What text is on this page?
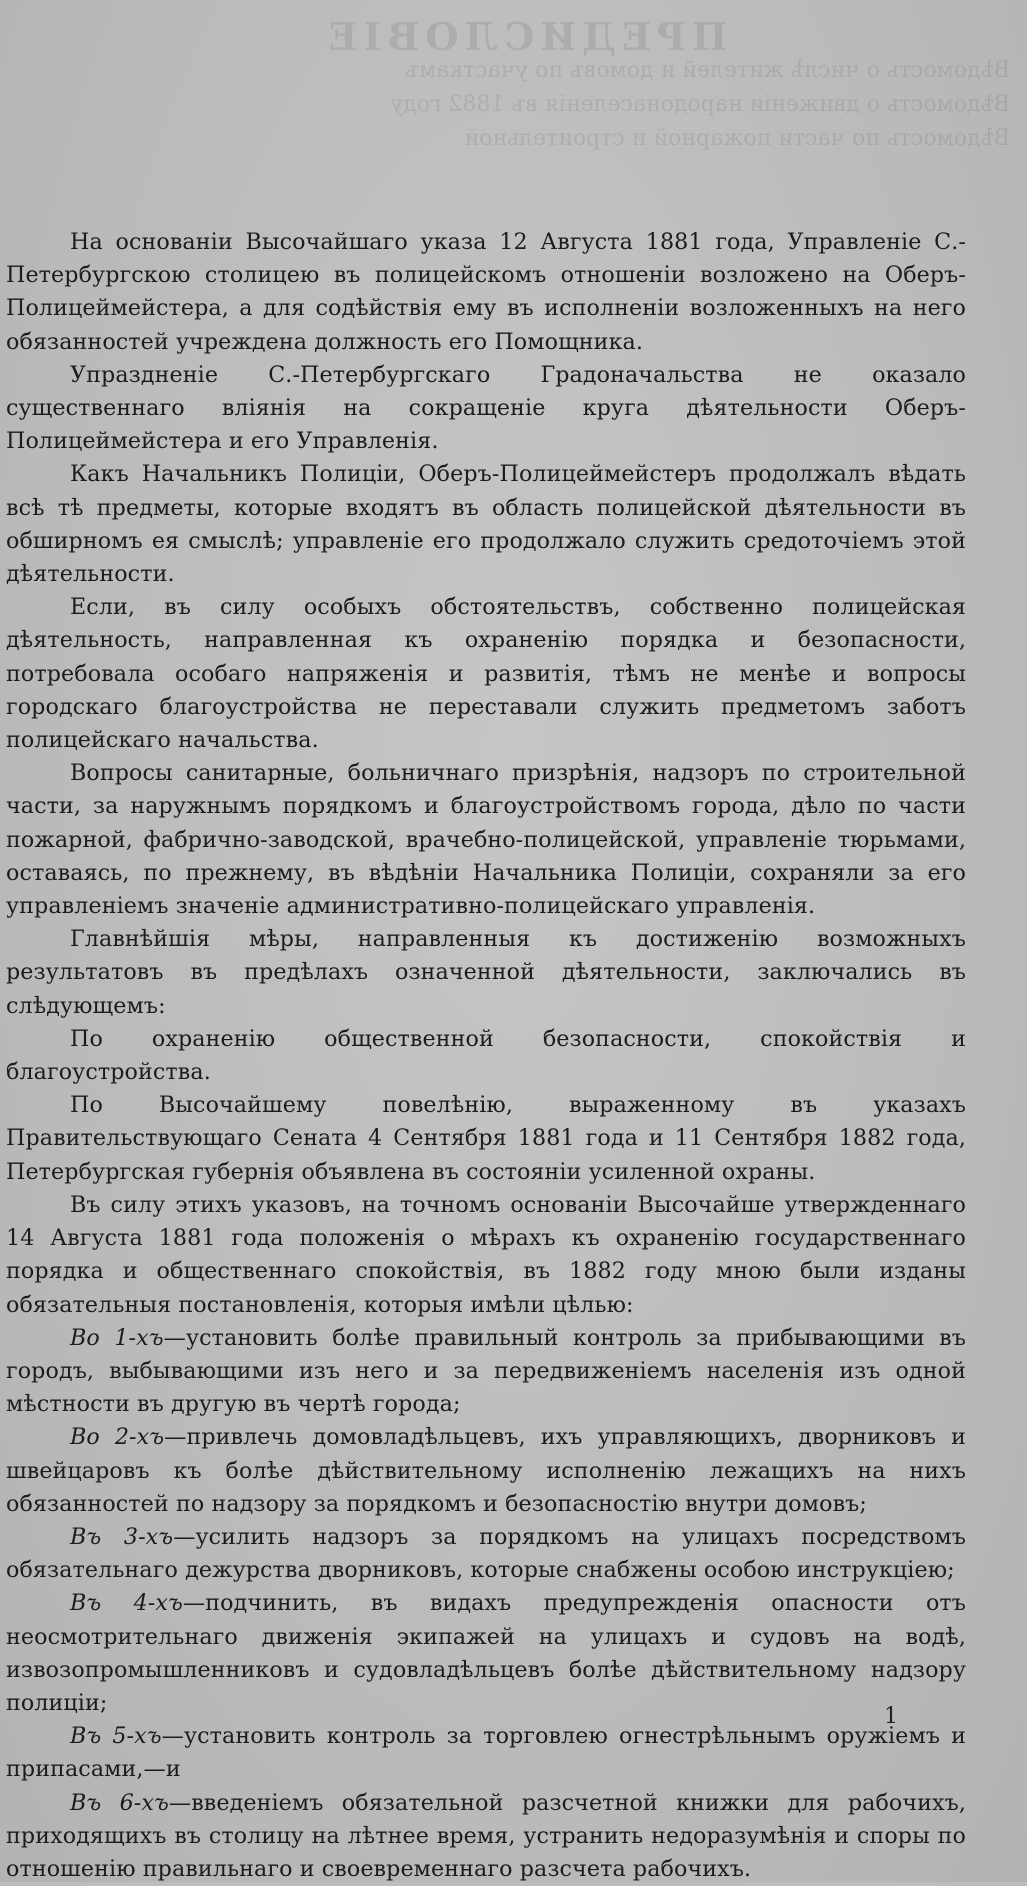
ПРЕДИСЛОВІЕ
Вѣдомость о числѣ жителей и домовъ по участкамъ
Вѣдомость о движеніи народонаселенія въ 1882 году
Вѣдомость по части пожарной и строительной

На основаніи Высочайшаго указа 12 Августа 1881 года, Управленіе С.-Петербургскою столицею въ полицейскомъ отношеніи возложено на Оберъ-Полицеймейстера, а для содѣйствія ему въ исполненіи возложенныхъ на него обязанностей учреждена должность его Помощника.

Упраздненіе С.-Петербургскаго Градоначальства не оказало существеннаго вліянія на сокращеніе круга дѣятельности Оберъ-Полицеймейстера и его Управленія.

Какъ Начальникъ Полиціи, Оберъ-Полицеймейстеръ продолжалъ вѣдать всѣ тѣ предметы, которые входятъ въ область полицейской дѣятельности въ обширномъ ея смыслѣ; управленіе его продолжало служить средоточіемъ этой дѣятельности.

Если, въ силу особыхъ обстоятельствъ, собственно полицейская дѣятельность, направленная къ охраненію порядка и безопасности, потребовала особаго напряженія и развитія, тѣмъ не менѣе и вопросы городскаго благоустройства не переставали служить предметомъ заботъ полицейскаго начальства.

Вопросы санитарные, больничнаго призрѣнія, надзоръ по строительной части, за наружнымъ порядкомъ и благоустройствомъ города, дѣло по части пожарной, фабрично-заводской, врачебно-полицейской, управленіе тюрьмами, оставаясь, по прежнему, въ вѣдѣніи Начальника Полиціи, сохраняли за его управленіемъ значеніе административно-полицейскаго управленія.

Главнѣйшія мѣры, направленныя къ достиженію возможныхъ результатовъ въ предѣлахъ означенной дѣятельности, заключались въ слѣдующемъ:

По охраненію общественной безопасности, спокойствія и благоустройства.

По Высочайшему повелѣнію, выраженному въ указахъ Правительствующаго Сената 4 Сентября 1881 года и 11 Сентября 1882 года, Петербургская губернія объявлена въ состояніи усиленной охраны.

Въ силу этихъ указовъ, на точномъ основаніи Высочайше утвержденнаго 14 Августа 1881 года положенія о мѣрахъ къ охраненію государственнаго порядка и общественнаго спокойствія, въ 1882 году мною были изданы обязательныя постановленія, которыя имѣли цѣлью:

Во 1-хъ—установить болѣе правильный контроль за прибывающими въ городъ, выбывающими изъ него и за передвиженіемъ населенія изъ одной мѣстности въ другую въ чертѣ города;

Во 2-хъ—привлечь домовладѣльцевъ, ихъ управляющихъ, дворниковъ и швейцаровъ къ болѣе дѣйствительному исполненію лежащихъ на нихъ обязанностей по надзору за порядкомъ и безопасностію внутри домовъ;

Въ 3-хъ—усилить надзоръ за порядкомъ на улицахъ посредствомъ обязательнаго дежурства дворниковъ, которые снабжены особою инструкціею;

Въ 4-хъ—подчинить, въ видахъ предупрежденія опасности отъ неосмотрительнаго движенія экипажей на улицахъ и судовъ на водѣ, извозопромышленниковъ и судовладѣльцевъ болѣе дѣйствительному надзору полиціи;

Въ 5-хъ—установить контроль за торговлею огнестрѣльнымъ оружіемъ и припасами,—и

Въ 6-хъ—введеніемъ обязательной разсчетной книжки для рабочихъ, приходящихъ въ столицу на лѣтнее время, устранить недоразумѣнія и споры по отношенію правильнаго и своевременнаго разсчета рабочихъ.

1
